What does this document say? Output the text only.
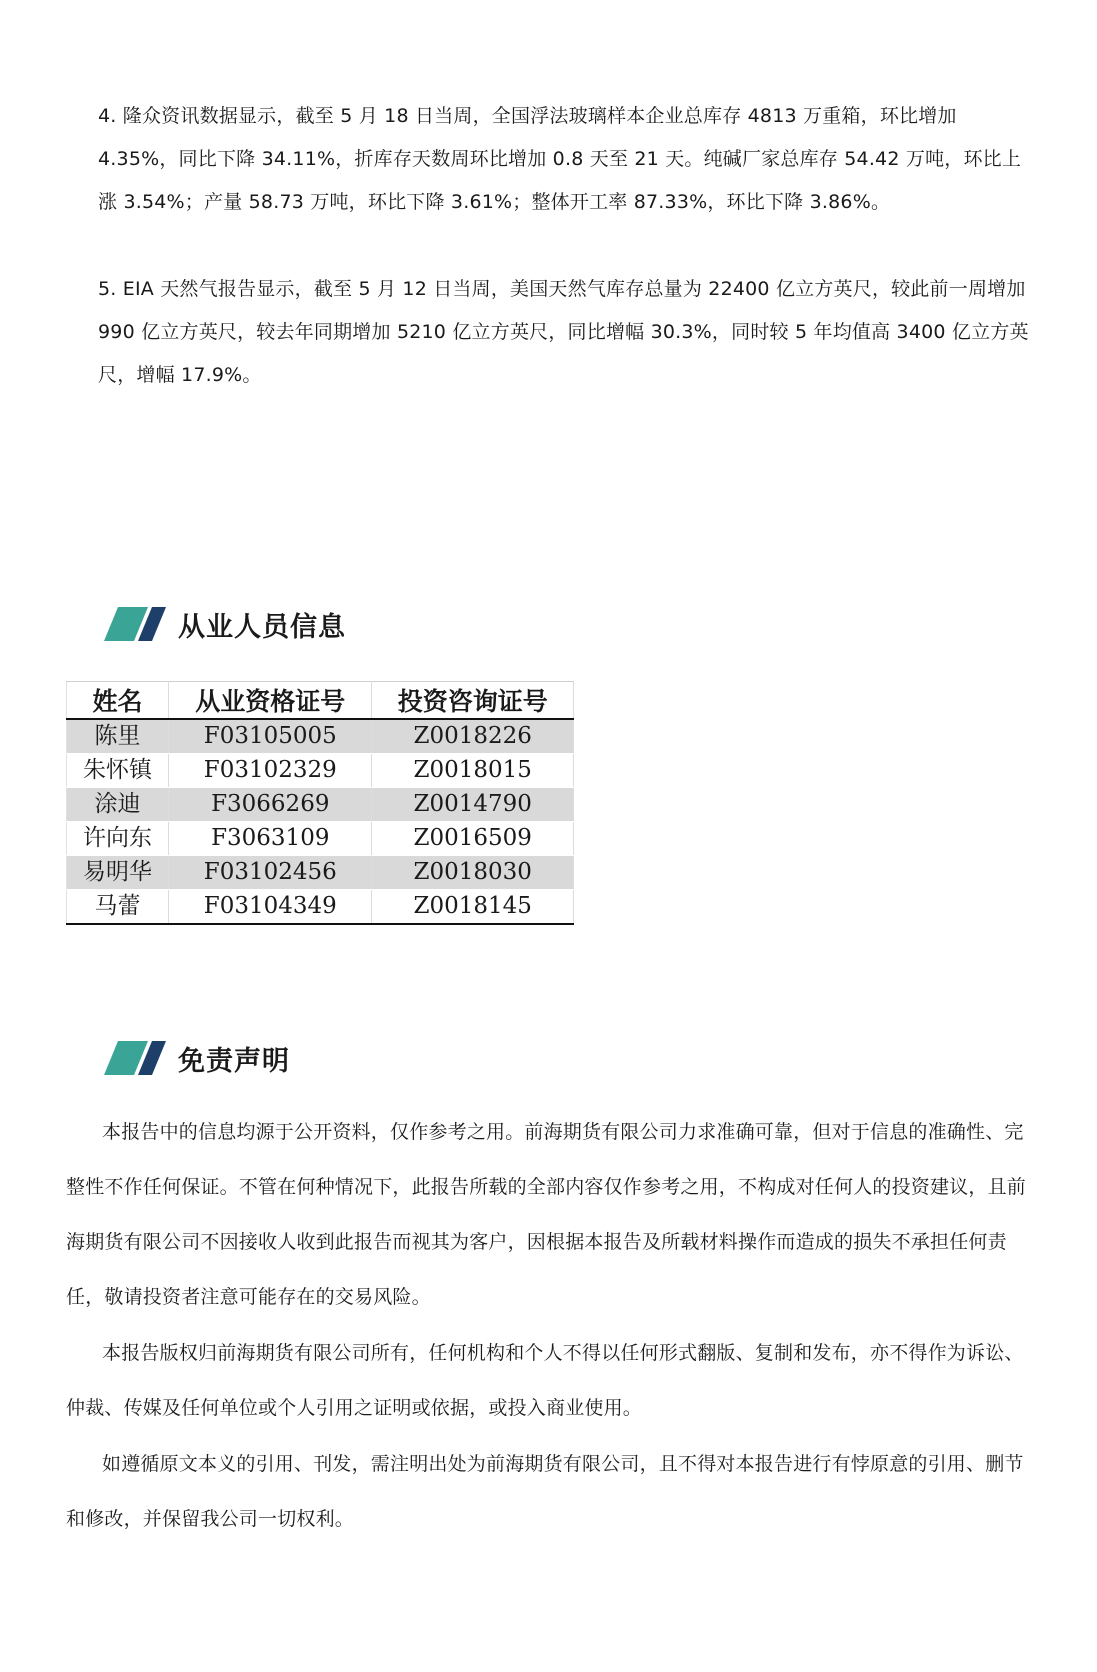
4. 隆众资讯数据显示，截至 5 月 18 日当周，全国浮法玻璃样本企业总库存 4813 万重箱，环比增加 4.35%，同比下降 34.11%，折库存天数周环比增加 0.8 天至 21 天。纯碱厂家总库存 54.42 万吨，环比上涨 3.54%；产量 58.73 万吨，环比下降 3.61%；整体开工率 87.33%，环比下降 3.86%。

5. EIA 天然气报告显示，截至 5 月 12 日当周，美国天然气库存总量为 22400 亿立方英尺，较此前一周增加 990 亿立方英尺，较去年同期增加 5210 亿立方英尺，同比增幅 30.3%，同时较 5 年均值高 3400 亿立方英尺，增幅 17.9%。

从业人员信息
姓名	从业资格证号	投资咨询证号
陈里	F03105005	Z0018226
朱怀镇	F03102329	Z0018015
涂迪	F3066269	Z0014790
许向东	F3063109	Z0016509
易明华	F03102456	Z0018030
马蕾	F03104349	Z0018145
免责声明

本报告中的信息均源于公开资料，仅作参考之用。前海期货有限公司力求准确可靠，但对于信息的准确性、完整性不作任何保证。不管在何种情况下，此报告所载的全部内容仅作参考之用，不构成对任何人的投资建议，且前海期货有限公司不因接收人收到此报告而视其为客户，因根据本报告及所载材料操作而造成的损失不承担任何责任，敬请投资者注意可能存在的交易风险。

本报告版权归前海期货有限公司所有，任何机构和个人不得以任何形式翻版、复制和发布，亦不得作为诉讼、仲裁、传媒及任何单位或个人引用之证明或依据，或投入商业使用。

如遵循原文本义的引用、刊发，需注明出处为前海期货有限公司，且不得对本报告进行有悖原意的引用、删节和修改，并保留我公司一切权利。
